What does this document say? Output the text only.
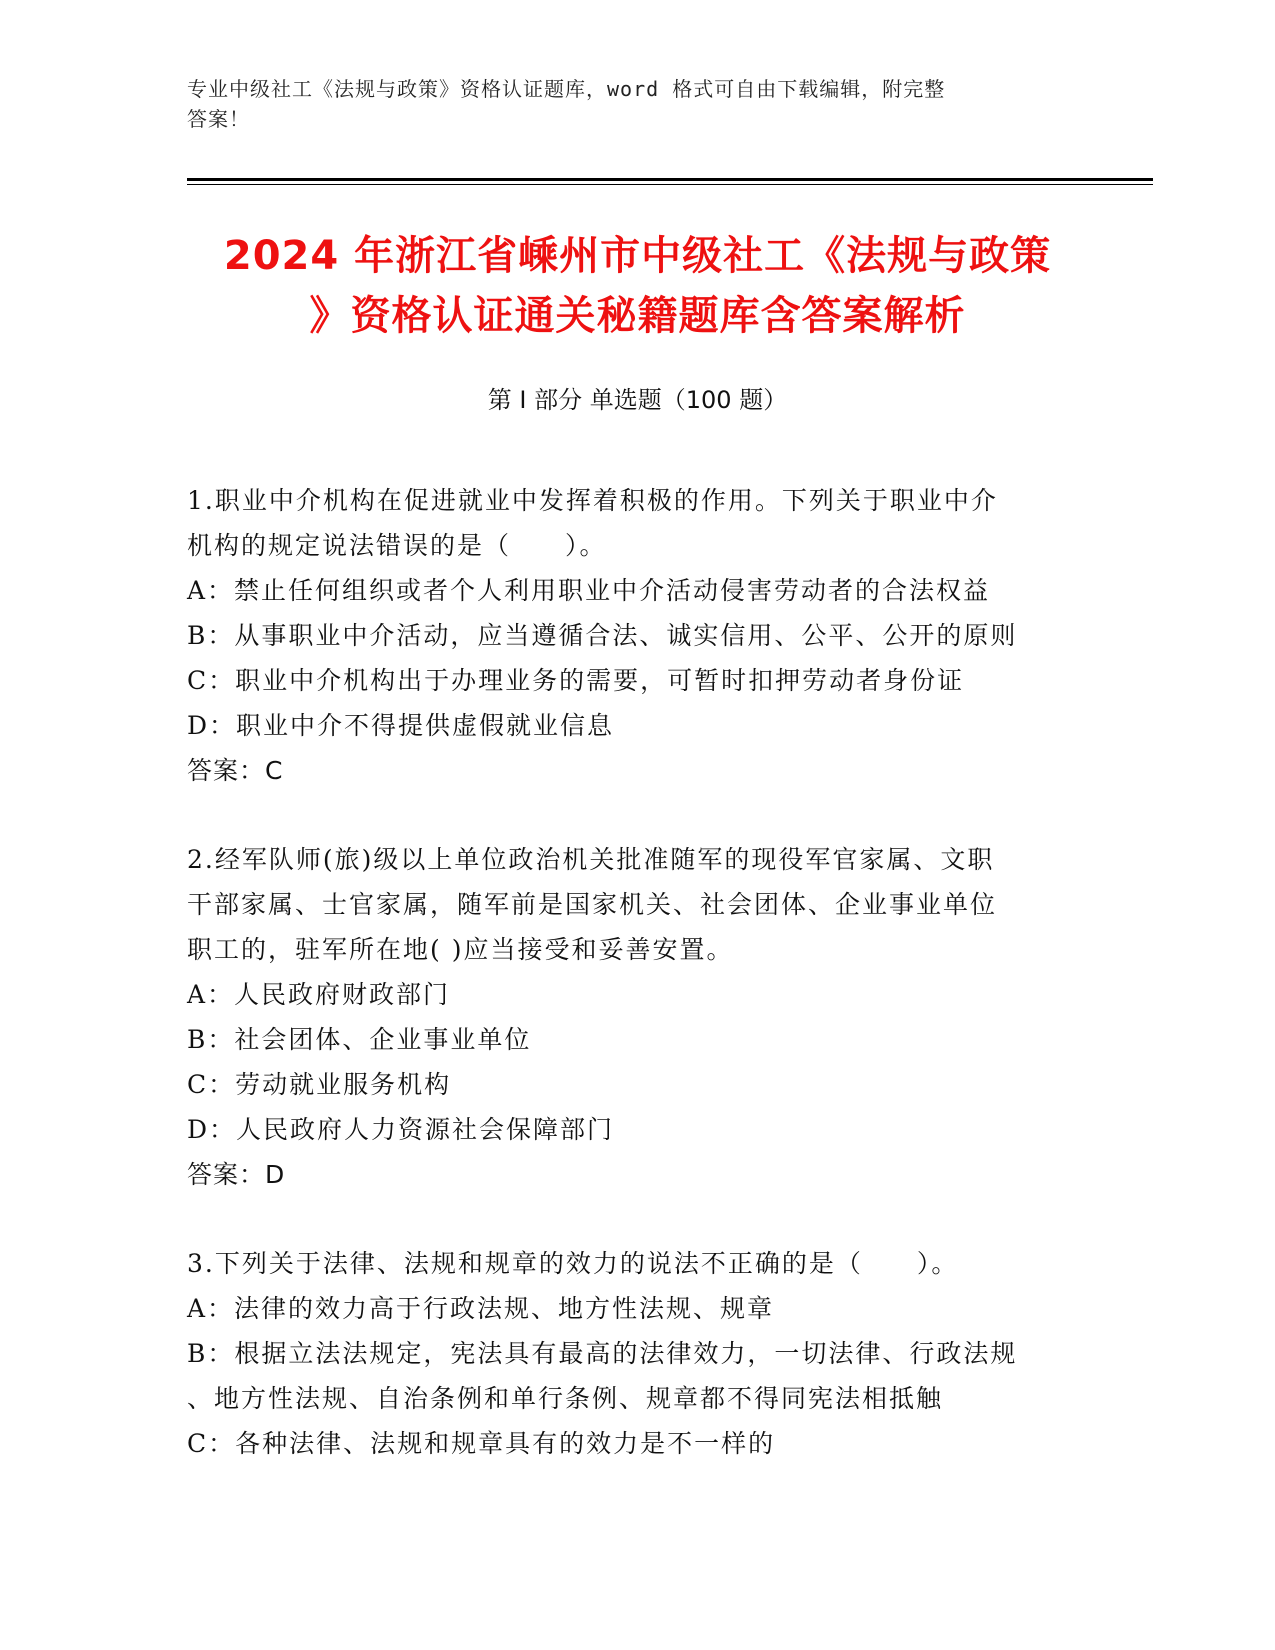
专业中级社工《法规与政策》资格认证题库，word 格式可自由下载编辑，附完整
答案！
2024 年浙江省嵊州市中级社工《法规与政策
》资格认证通关秘籍题库含答案解析
第 I 部分 单选题（100 题）
1.职业中介机构在促进就业中发挥着积极的作用。下列关于职业中介
机构的规定说法错误的是（　　）。
A：禁止任何组织或者个人利用职业中介活动侵害劳动者的合法权益
B：从事职业中介活动，应当遵循合法、诚实信用、公平、公开的原则
C：职业中介机构出于办理业务的需要，可暂时扣押劳动者身份证
D：职业中介不得提供虚假就业信息
答案：C
2.经军队师(旅)级以上单位政治机关批准随军的现役军官家属、文职
干部家属、士官家属，随军前是国家机关、社会团体、企业事业单位
职工的，驻军所在地( )应当接受和妥善安置。
A：人民政府财政部门
B：社会团体、企业事业单位
C：劳动就业服务机构
D：人民政府人力资源社会保障部门
答案：D
3.下列关于法律、法规和规章的效力的说法不正确的是（　　）。
A：法律的效力高于行政法规、地方性法规、规章
B：根据立法法规定，宪法具有最高的法律效力，一切法律、行政法规
、地方性法规、自治条例和单行条例、规章都不得同宪法相抵触
C：各种法律、法规和规章具有的效力是不一样的
